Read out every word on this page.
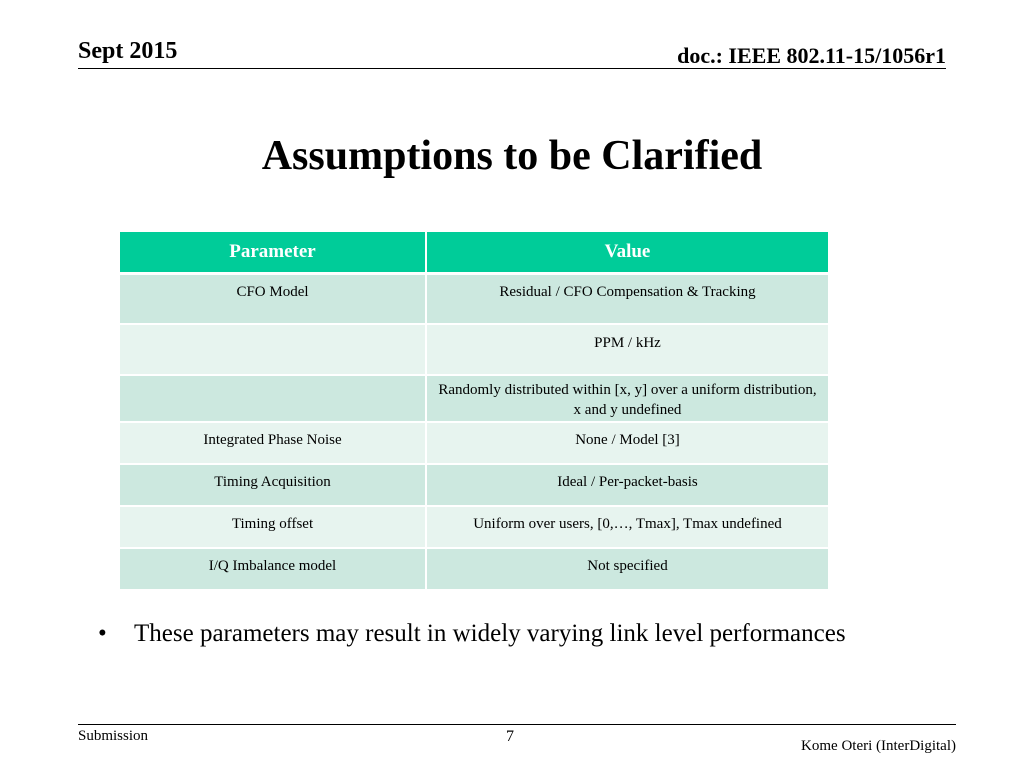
Sept 2015	doc.: IEEE 802.11-15/1056r1
Assumptions to be Clarified
Parameter	Value
CFO Model	Residual / CFO Compensation & Tracking
	PPM / kHz
	Randomly distributed within [x, y] over a uniform distribution, x and y undefined
Integrated Phase Noise	None / Model [3]
Timing Acquisition	Ideal / Per-packet-basis
Timing offset	Uniform over users, [0,…, Tmax], Tmax undefined
I/Q Imbalance model	Not specified
•	These parameters may result in widely varying link level performances
Submission	7
Kome Oteri (InterDigital)
